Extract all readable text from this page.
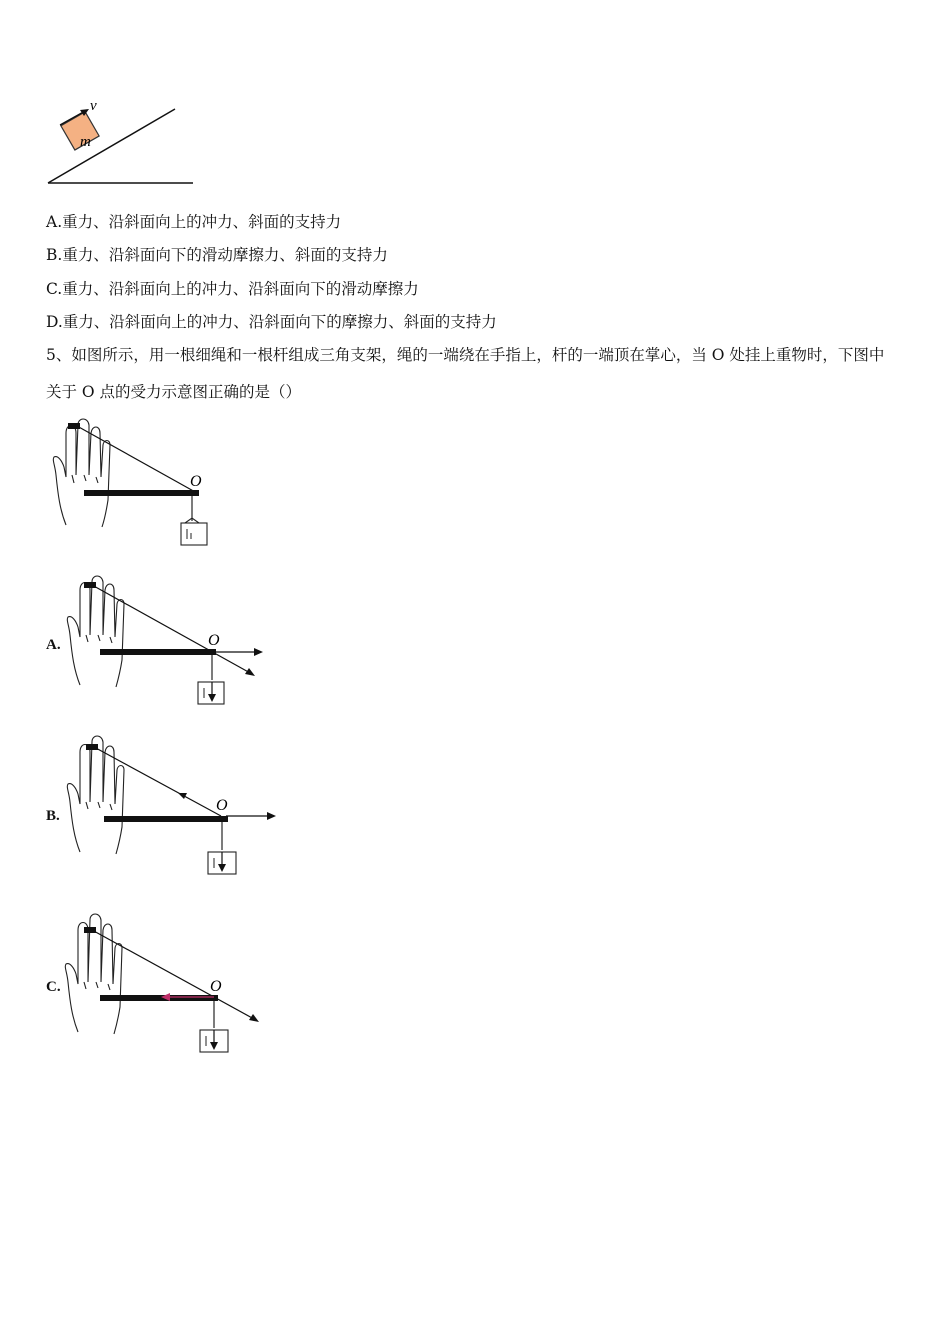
m
v
A.重力、沿斜面向上的冲力、斜面的支持力
B.重力、沿斜面向下的滑动摩擦力、斜面的支持力
C.重力、沿斜面向上的冲力、沿斜面向下的滑动摩擦力
D.重力、沿斜面向上的冲力、沿斜面向下的摩擦力、斜面的支持力
5、如图所示，用一根细绳和一根杆组成三角支架，绳的一端绕在手指上，杆的一端顶在掌心，当 O 处挂上重物时，下图中
关于 O 点的受力示意图正确的是（）
O
A.	O
B.
O
C.	O
